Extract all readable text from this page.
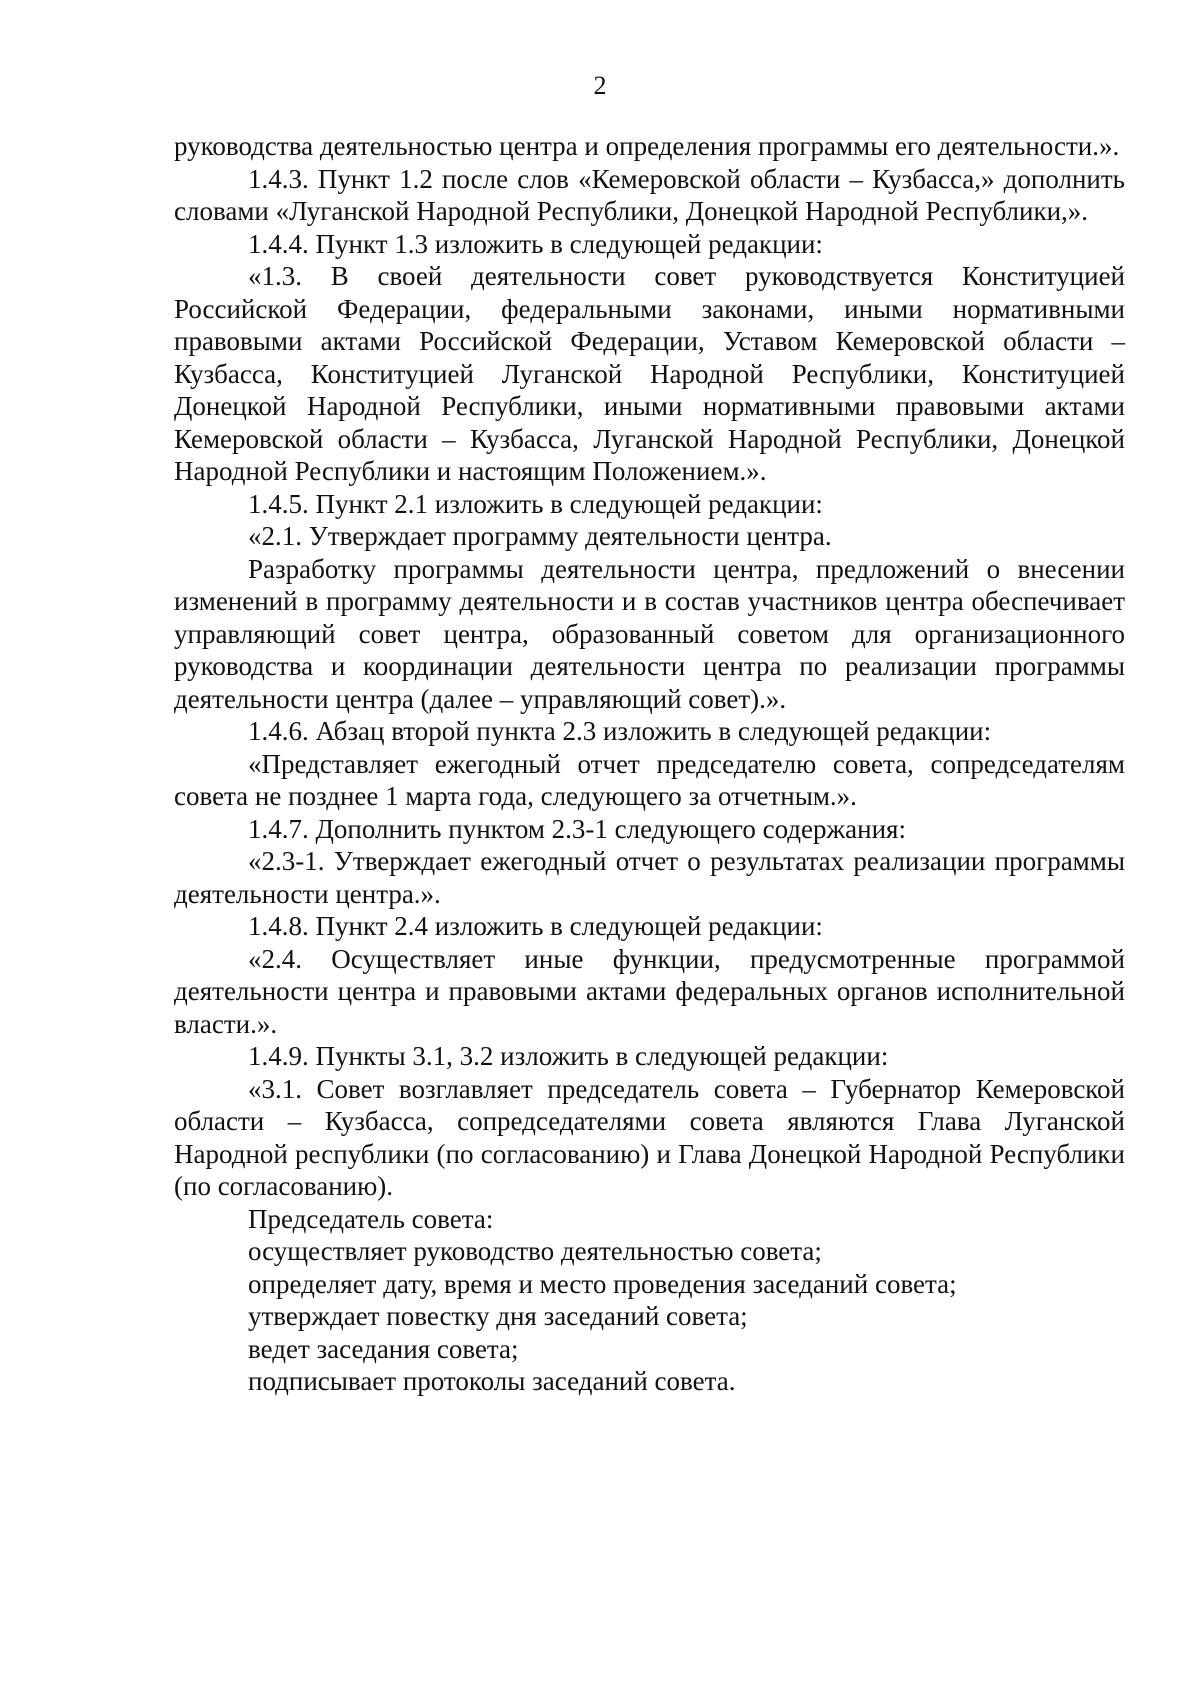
2

руководства деятельностью центра и определения программы его деятельности.».

1.4.3. Пункт 1.2 после слов «Кемеровской области – Кузбасса,» дополнить словами «Луганской Народной Республики, Донецкой Народной Республики,».

1.4.4. Пункт 1.3 изложить в следующей редакции:

«1.3. В своей деятельности совет руководствуется Конституцией Российской Федерации, федеральными законами, иными нормативными правовыми актами Российской Федерации, Уставом Кемеровской области – Кузбасса, Конституцией Луганской Народной Республики, Конституцией Донецкой Народной Республики, иными нормативными правовыми актами Кемеровской области – Кузбасса, Луганской Народной Республики, Донецкой Народной Республики и настоящим Положением.».

1.4.5. Пункт 2.1 изложить в следующей редакции:

«2.1. Утверждает программу деятельности центра.

Разработку программы деятельности центра, предложений о внесении изменений в программу деятельности и в состав участников центра обеспечивает управляющий совет центра, образованный советом для организационного руководства и координации деятельности центра по реализации программы деятельности центра (далее – управляющий совет).».

1.4.6. Абзац второй пункта 2.3 изложить в следующей редакции:

«Представляет ежегодный отчет председателю совета, сопредседателям совета не позднее 1 марта года, следующего за отчетным.».

1.4.7. Дополнить пунктом 2.3-1 следующего содержания:

«2.3-1. Утверждает ежегодный отчет о результатах реализации программы деятельности центра.».

1.4.8. Пункт 2.4 изложить в следующей редакции:

«2.4. Осуществляет иные функции, предусмотренные программой деятельности центра и правовыми актами федеральных органов исполнительной власти.».

1.4.9. Пункты 3.1, 3.2 изложить в следующей редакции:

«3.1. Совет возглавляет председатель совета – Губернатор Кемеровской области – Кузбасса, сопредседателями совета являются Глава Луганской Народной республики (по согласованию) и Глава Донецкой Народной Республики (по согласованию).

Председатель совета:

осуществляет руководство деятельностью совета;

определяет дату, время и место проведения заседаний совета;

утверждает повестку дня заседаний совета;

ведет заседания совета;

подписывает протоколы заседаний совета.
